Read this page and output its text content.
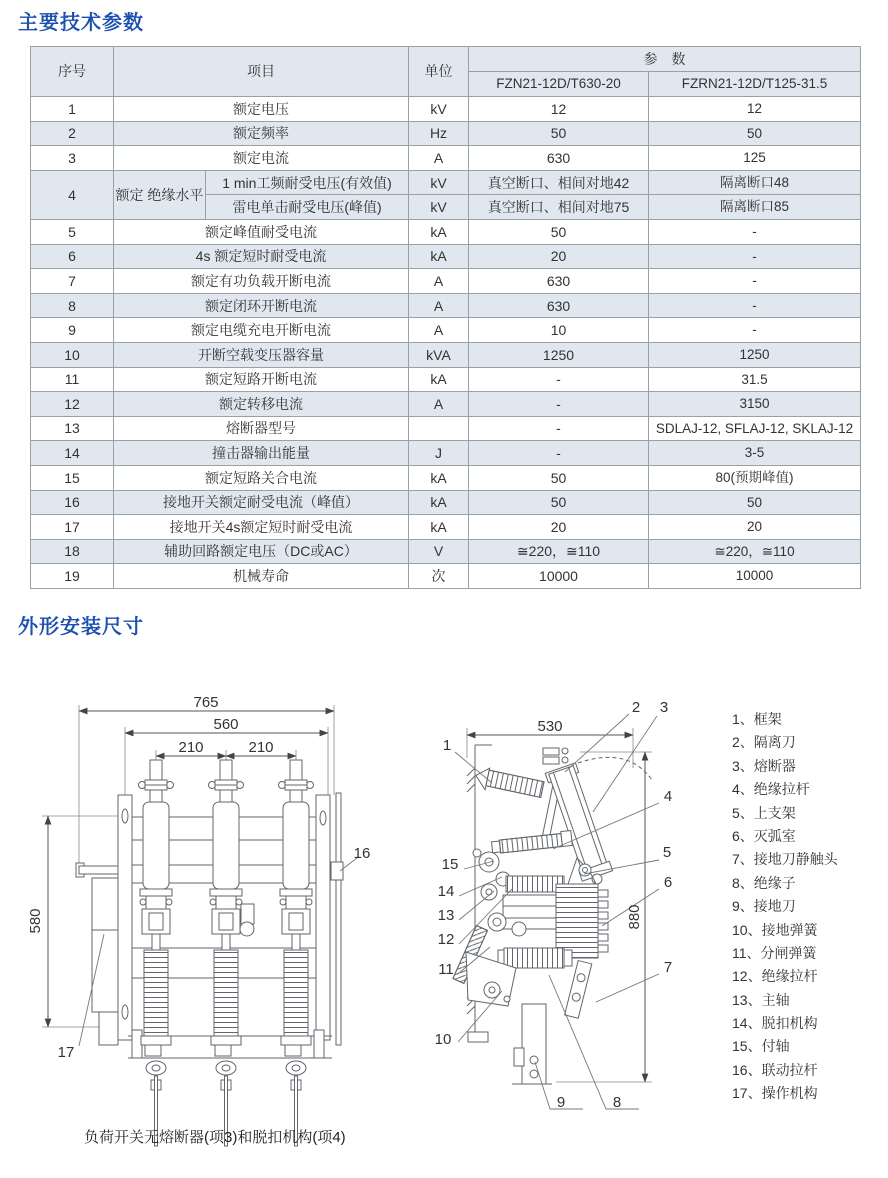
主要技术参数
序号	项目		单位	参　数	
				FZN21-12D/T630-20	FZRN21-12D/T125-31.5
1	额定电压		kV	12	12
2	额定频率		Hz	50	50
3	额定电流		A	630	125
4	额定 绝缘水平	1 min工频耐受电压(有效值)	kV	真空断口、相间对地42	隔离断口48
		雷电单击耐受电压(峰值)	kV	真空断口、相间对地75	隔离断口85
5	额定峰值耐受电流		kA	50	-
6	4s 额定短时耐受电流		kA	20	-
7	额定有功负载开断电流		A	630	-
8	额定闭环开断电流		A	630	-
9	额定电缆充电开断电流		A	10	-
10	开断空载变压器容量		kVA	1250	1250
11	额定短路开断电流		kA	-	31.5
12	额定转移电流		A	-	3150
13	熔断器型号			-	SDLAJ-12, SFLAJ-12, SKLAJ-12
14	撞击器输出能量		J	-	3-5
15	额定短路关合电流		kA	50	80(预期峰值)
16	接地开关额定耐受电流（峰值）		kA	50	50
17	接地开关4s额定短时耐受电流		kA	20	20
18	辅助回路额定电压（DC或AC）		V	≅220，≅110	≅220，≅110
19	机械寿命		次	10000	10000
外形安装尺寸
765
560
210	210
580
16
17
530
880
1
2 3
4
5
6
7
15
14
13
12
11
10
9	8
1、框架
2、隔离刀
3、熔断器
4、绝缘拉杆
5、上支架
6、灭弧室
7、接地刀静触头
8、绝缘子
9、接地刀
10、接地弹簧
11、分闸弹簧
12、绝缘拉杆
13、主轴
14、脱扣机构
15、付轴
16、联动拉杆
17、操作机构
负荷开关无熔断器(项3)和脱扣机构(项4)
